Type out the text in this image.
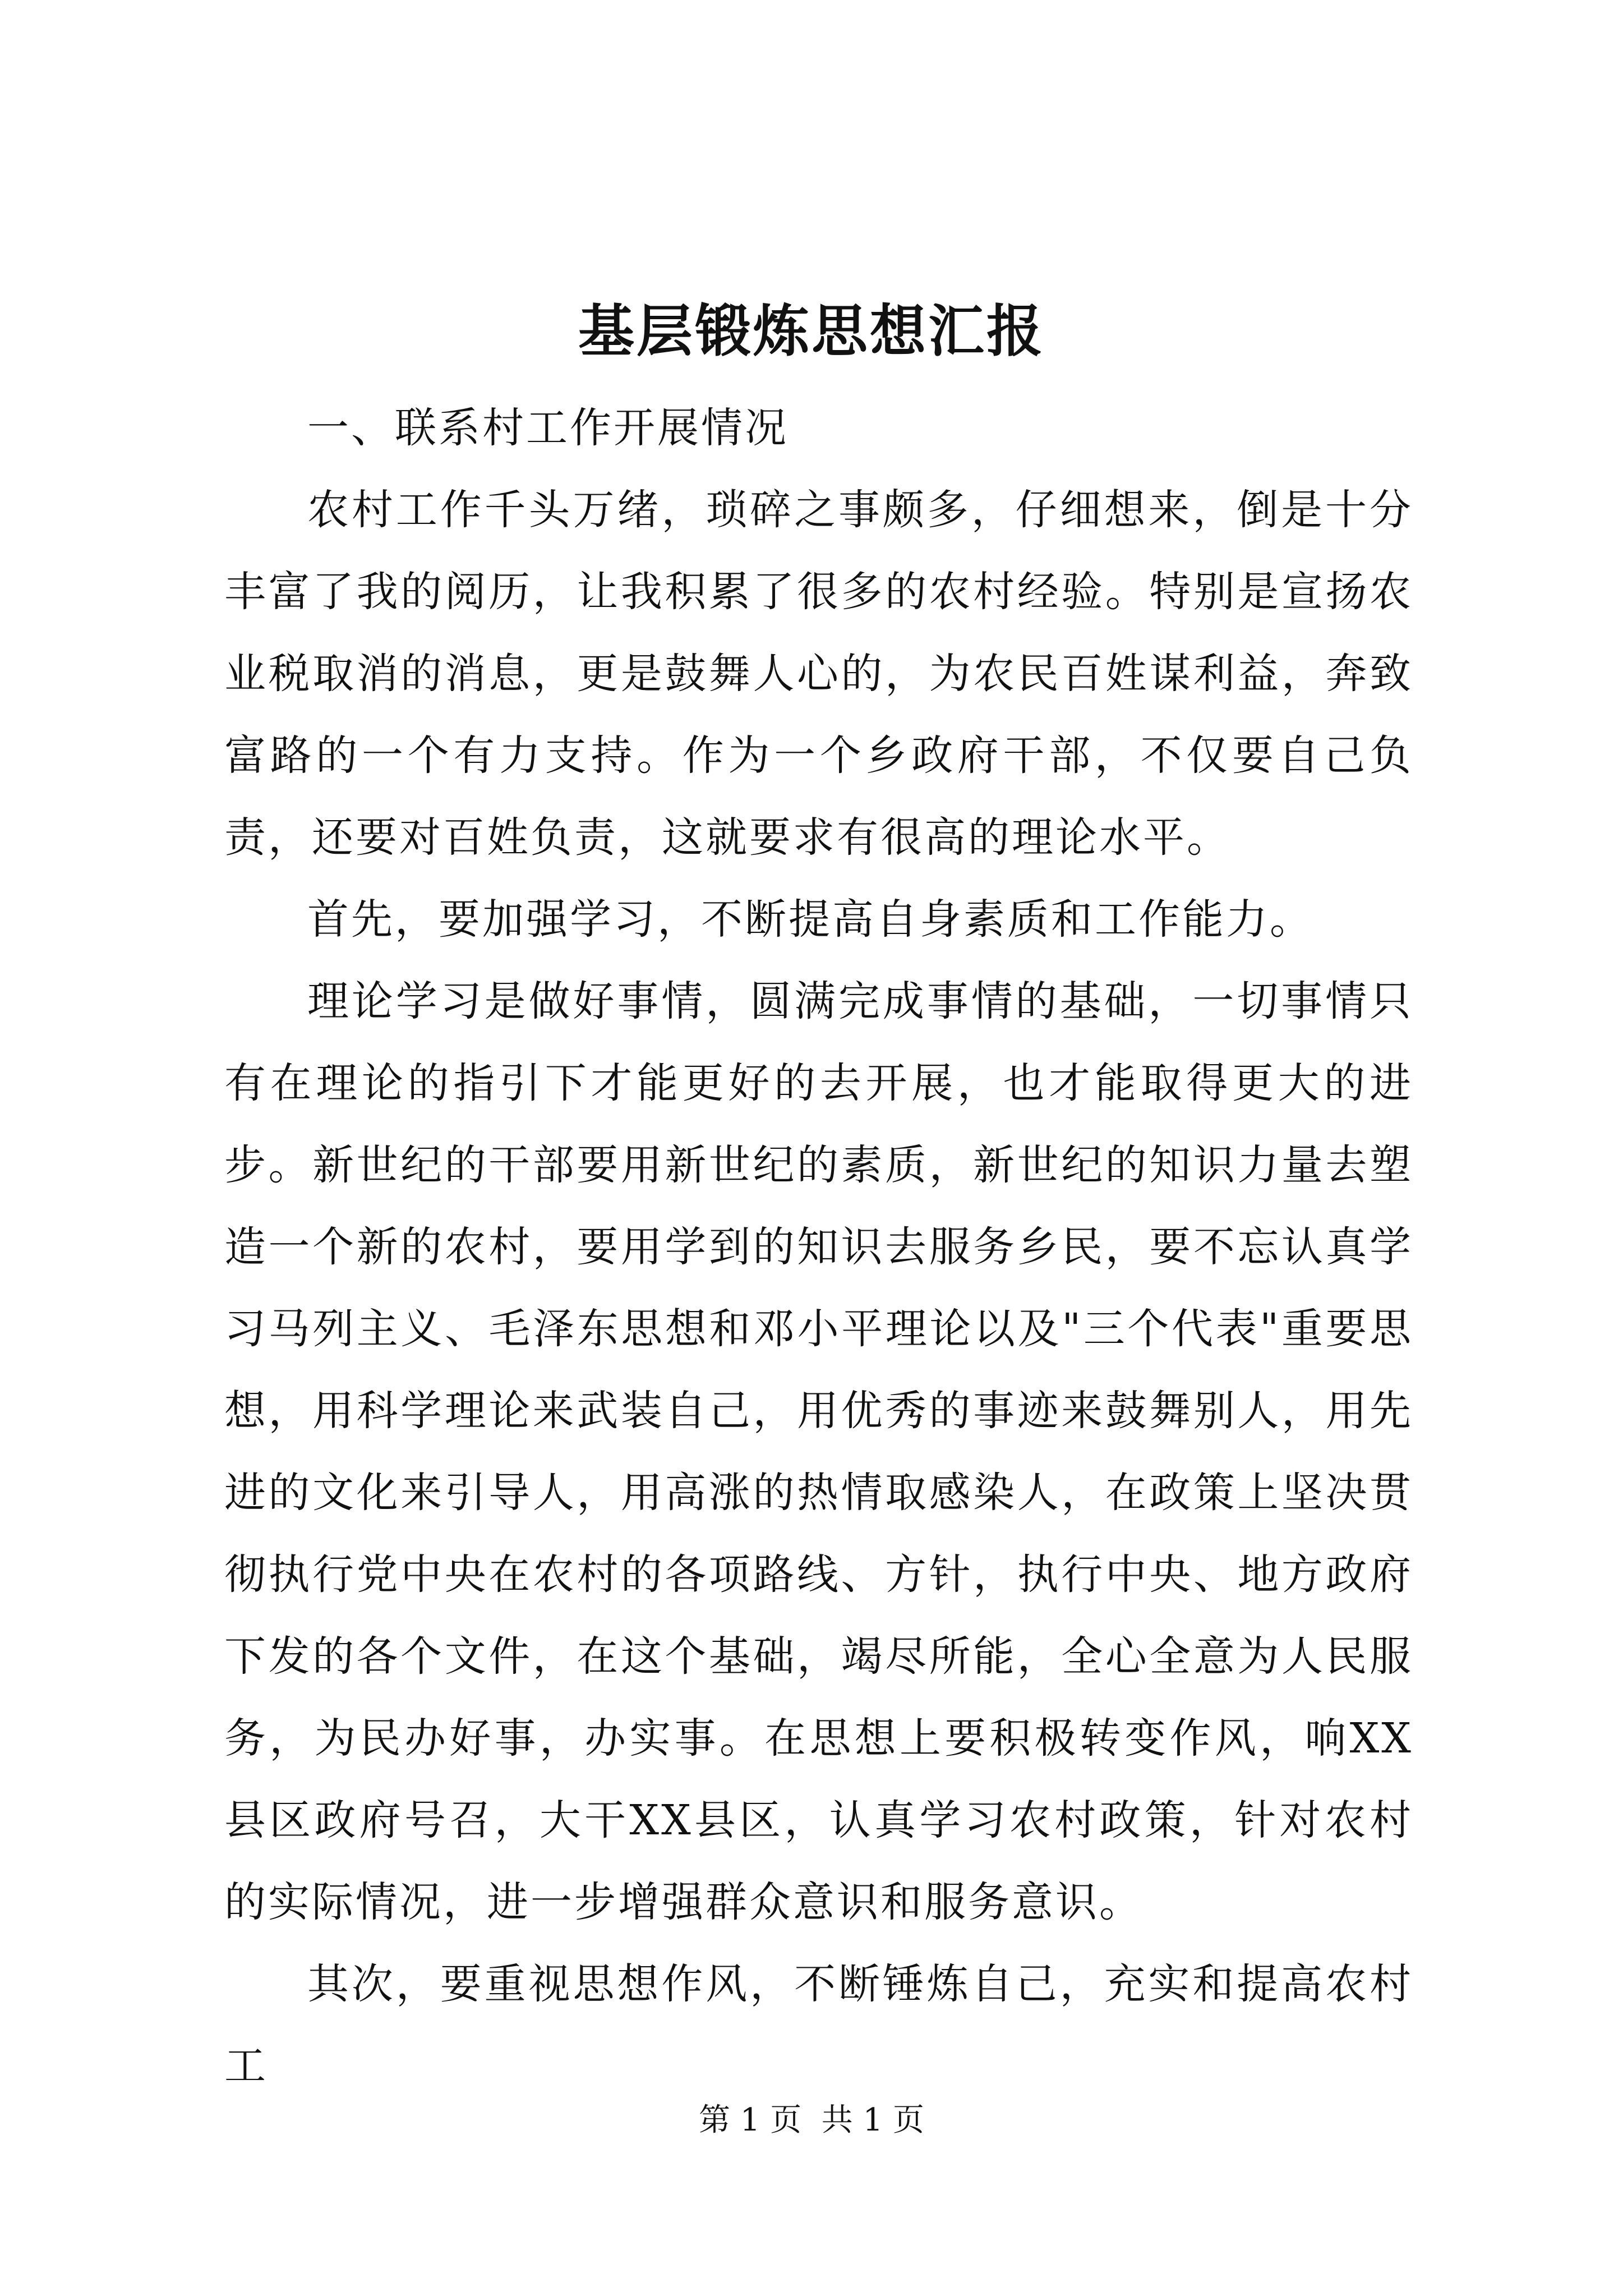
基层锻炼思想汇报

一、联系村工作开展情况

农村工作千头万绪，琐碎之事颇多，仔细想来，倒是十分丰富了我的阅历，让我积累了很多的农村经验。特别是宣扬农业税取消的消息，更是鼓舞人心的，为农民百姓谋利益，奔致富路的一个有力支持。作为一个乡政府干部，不仅要自己负责，还要对百姓负责，这就要求有很高的理论水平。

首先，要加强学习，不断提高自身素质和工作能力。

理论学习是做好事情，圆满完成事情的基础，一切事情只有在理论的指引下才能更好的去开展，也才能取得更大的进步。新世纪的干部要用新世纪的素质，新世纪的知识力量去塑造一个新的农村，要用学到的知识去服务乡民，要不忘认真学习马列主义、毛泽东思想和邓小平理论以及"三个代表"重要思想，用科学理论来武装自己，用优秀的事迹来鼓舞别人，用先进的文化来引导人，用高涨的热情取感染人，在政策上坚决贯彻执行党中央在农村的各项路线、方针，执行中央、地方政府下发的各个文件，在这个基础，竭尽所能，全心全意为人民服务，为民办好事，办实事。在思想上要积极转变作风，响XX县区政府号召，大干XX县区，认真学习农村政策，针对农村的实际情况，进一步增强群众意识和服务意识。

其次，要重视思想作风，不断锤炼自己，充实和提高农村工

第 1 页  共 1 页
